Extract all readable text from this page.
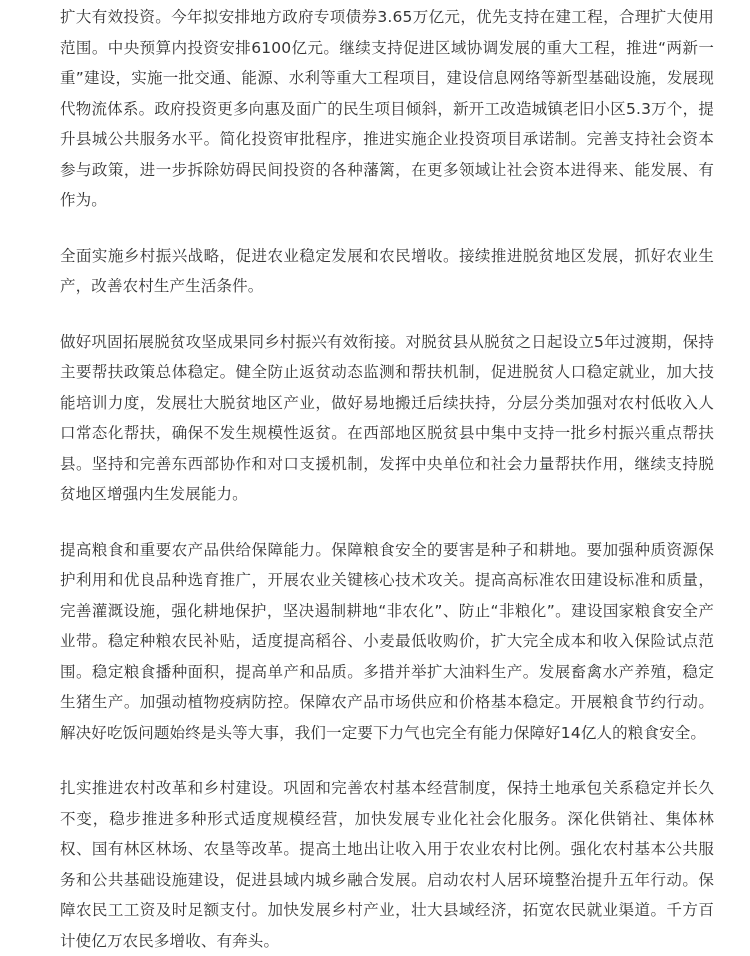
扩大有效投资。今年拟安排地方政府专项债券3.65万亿元，优先支持在建工程，合理扩大使用范围。中央预算内投资安排6100亿元。继续支持促进区域协调发展的重大工程，推进“两新一重”建设，实施一批交通、能源、水利等重大工程项目，建设信息网络等新型基础设施，发展现代物流体系。政府投资更多向惠及面广的民生项目倾斜，新开工改造城镇老旧小区5.3万个，提升县城公共服务水平。简化投资审批程序，推进实施企业投资项目承诺制。完善支持社会资本参与政策，进一步拆除妨碍民间投资的各种藩篱，在更多领域让社会资本进得来、能发展、有作为。

全面实施乡村振兴战略，促进农业稳定发展和农民增收。接续推进脱贫地区发展，抓好农业生产，改善农村生产生活条件。

做好巩固拓展脱贫攻坚成果同乡村振兴有效衔接。对脱贫县从脱贫之日起设立5年过渡期，保持主要帮扶政策总体稳定。健全防止返贫动态监测和帮扶机制，促进脱贫人口稳定就业，加大技能培训力度，发展壮大脱贫地区产业，做好易地搬迁后续扶持，分层分类加强对农村低收入人口常态化帮扶，确保不发生规模性返贫。在西部地区脱贫县中集中支持一批乡村振兴重点帮扶县。坚持和完善东西部协作和对口支援机制，发挥中央单位和社会力量帮扶作用，继续支持脱贫地区增强内生发展能力。

提高粮食和重要农产品供给保障能力。保障粮食安全的要害是种子和耕地。要加强种质资源保护利用和优良品种选育推广，开展农业关键核心技术攻关。提高高标准农田建设标准和质量，完善灌溉设施，强化耕地保护，坚决遏制耕地“非农化”、防止“非粮化”。建设国家粮食安全产业带。稳定种粮农民补贴，适度提高稻谷、小麦最低收购价，扩大完全成本和收入保险试点范围。稳定粮食播种面积，提高单产和品质。多措并举扩大油料生产。发展畜禽水产养殖，稳定生猪生产。加强动植物疫病防控。保障农产品市场供应和价格基本稳定。开展粮食节约行动。解决好吃饭问题始终是头等大事，我们一定要下力气也完全有能力保障好14亿人的粮食安全。

扎实推进农村改革和乡村建设。巩固和完善农村基本经营制度，保持土地承包关系稳定并长久不变，稳步推进多种形式适度规模经营，加快发展专业化社会化服务。深化供销社、集体林权、国有林区林场、农垦等改革。提高土地出让收入用于农业农村比例。强化农村基本公共服务和公共基础设施建设，促进县域内城乡融合发展。启动农村人居环境整治提升五年行动。保障农民工工资及时足额支付。加快发展乡村产业，壮大县域经济，拓宽农民就业渠道。千方百计使亿万农民多增收、有奔头。
